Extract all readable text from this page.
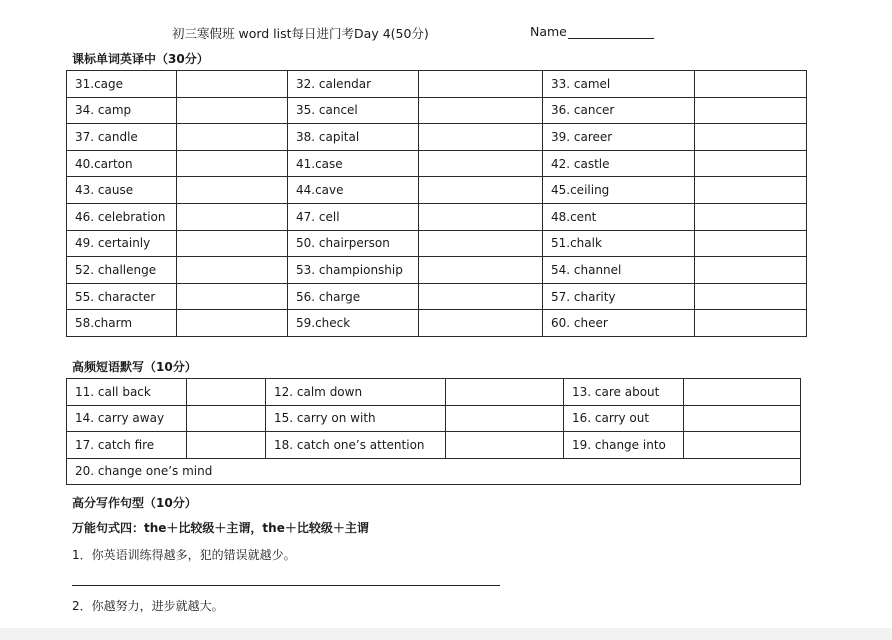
初三寒假班 word list每日进门考Day 4(50分)	Name
课标单词英译中（30分）
31.cage		32. calendar		33. camel	
34. camp		35. cancel		36. cancer	
37. candle		38. capital		39. career	
40.carton		41.case		42. castle	
43. cause		44.cave		45.ceiling	
46. celebration		47. cell		48.cent	
49. certainly		50. chairperson		51.chalk	
52. challenge		53. championship		54. channel	
55. character		56. charge		57. charity	
58.charm		59.check		60. cheer	
高频短语默写（10分）
11. call back		12. calm down		13. care about	
14. carry away		15. carry on with		16. carry out	
17. catch fire		18. catch one’s attention		19. change into	
20. change one’s mind					
高分写作句型（10分）
万能句式四：the＋比较级＋主谓，the＋比较级＋主谓
1．你英语训练得越多，犯的错误就越少。
2．你越努力，进步就越大。
